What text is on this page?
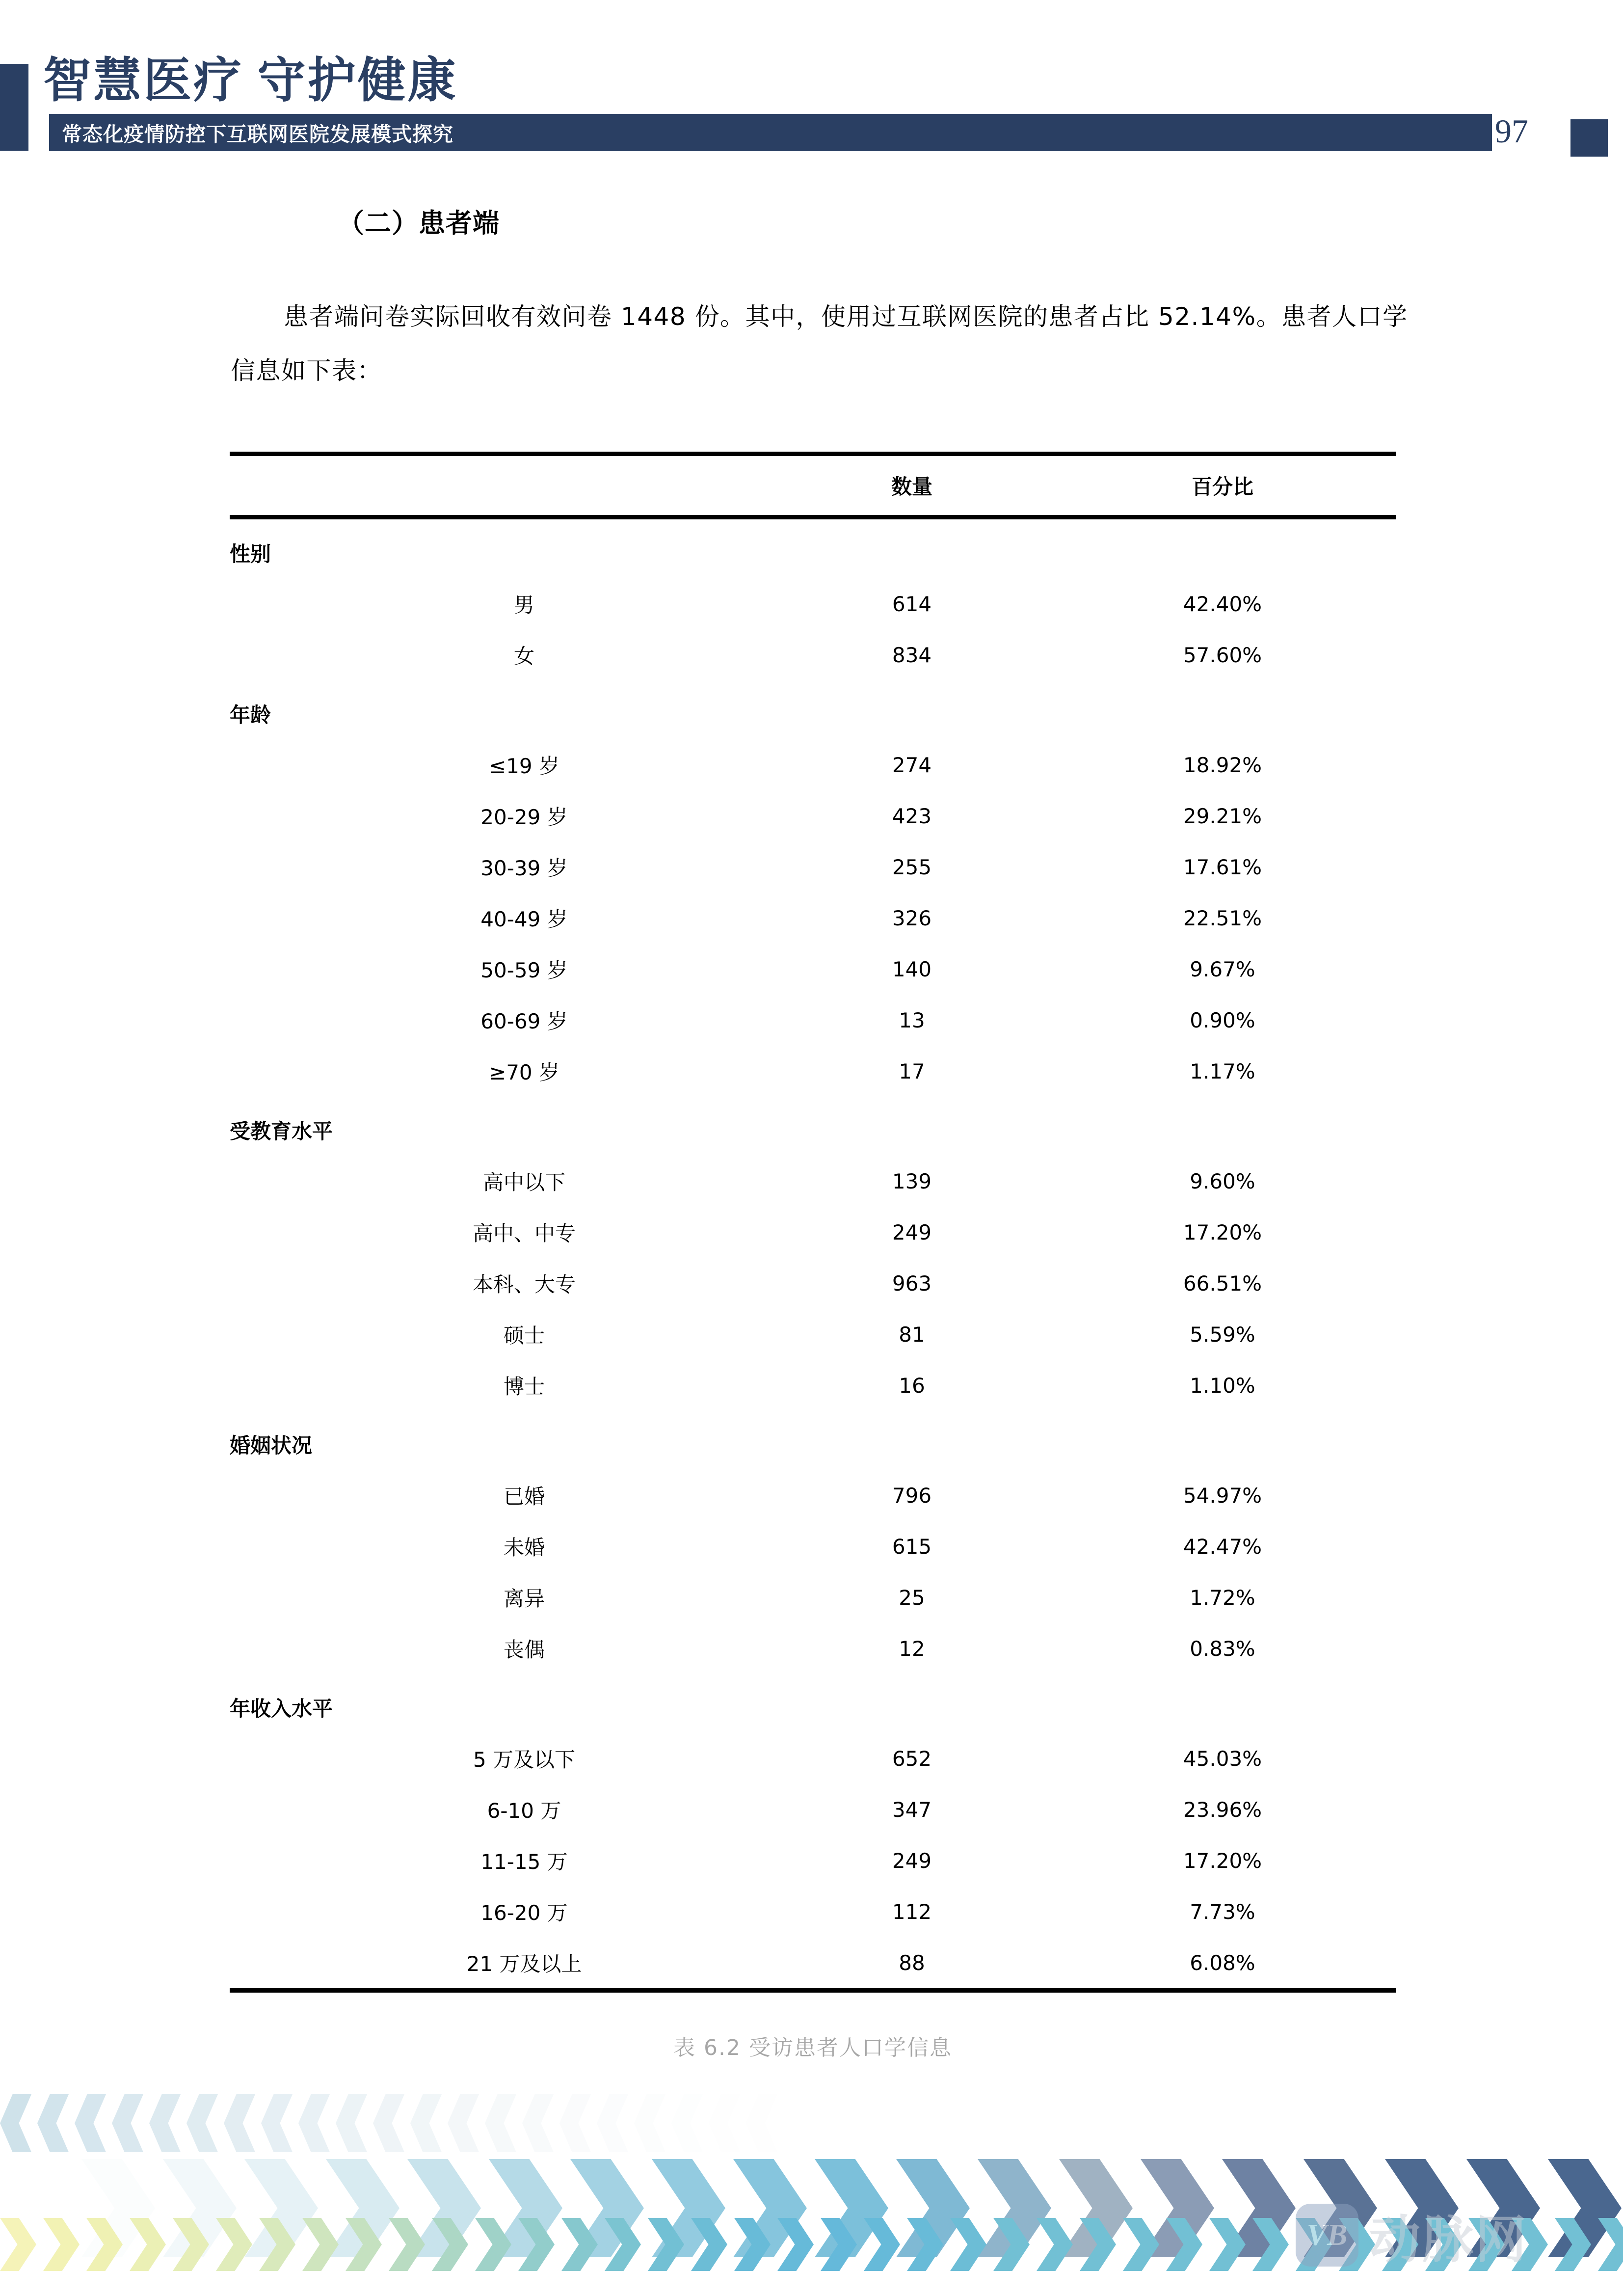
智慧医疗 守护健康
常态化疫情防控下互联网医院发展模式探究	97
（二）患者端
患者端问卷实际回收有效问卷 1448 份。其中，使用过互联网医院的患者占比 52.14%。患者人口学信息如下表：
	数量	百分比
性别		
男	614	42.40%
女	834	57.60%
年龄		
≤19 岁	274	18.92%
20-29 岁	423	29.21%
30-39 岁	255	17.61%
40-49 岁	326	22.51%
50-59 岁	140	9.67%
60-69 岁	13	0.90%
≥70 岁	17	1.17%
受教育水平		
高中以下	139	9.60%
高中、中专	249	17.20%
本科、大专	963	66.51%
硕士	81	5.59%
博士	16	1.10%
婚姻状况		
已婚	796	54.97%
未婚	615	42.47%
离异	25	1.72%
丧偶	12	0.83%
年收入水平		
5 万及以下	652	45.03%
6-10 万	347	23.96%
11-15 万	249	17.20%
16-20 万	112	7.73%
21 万及以上	88	6.08%
表 6.2 受访患者人口学信息
VB 动脉网
